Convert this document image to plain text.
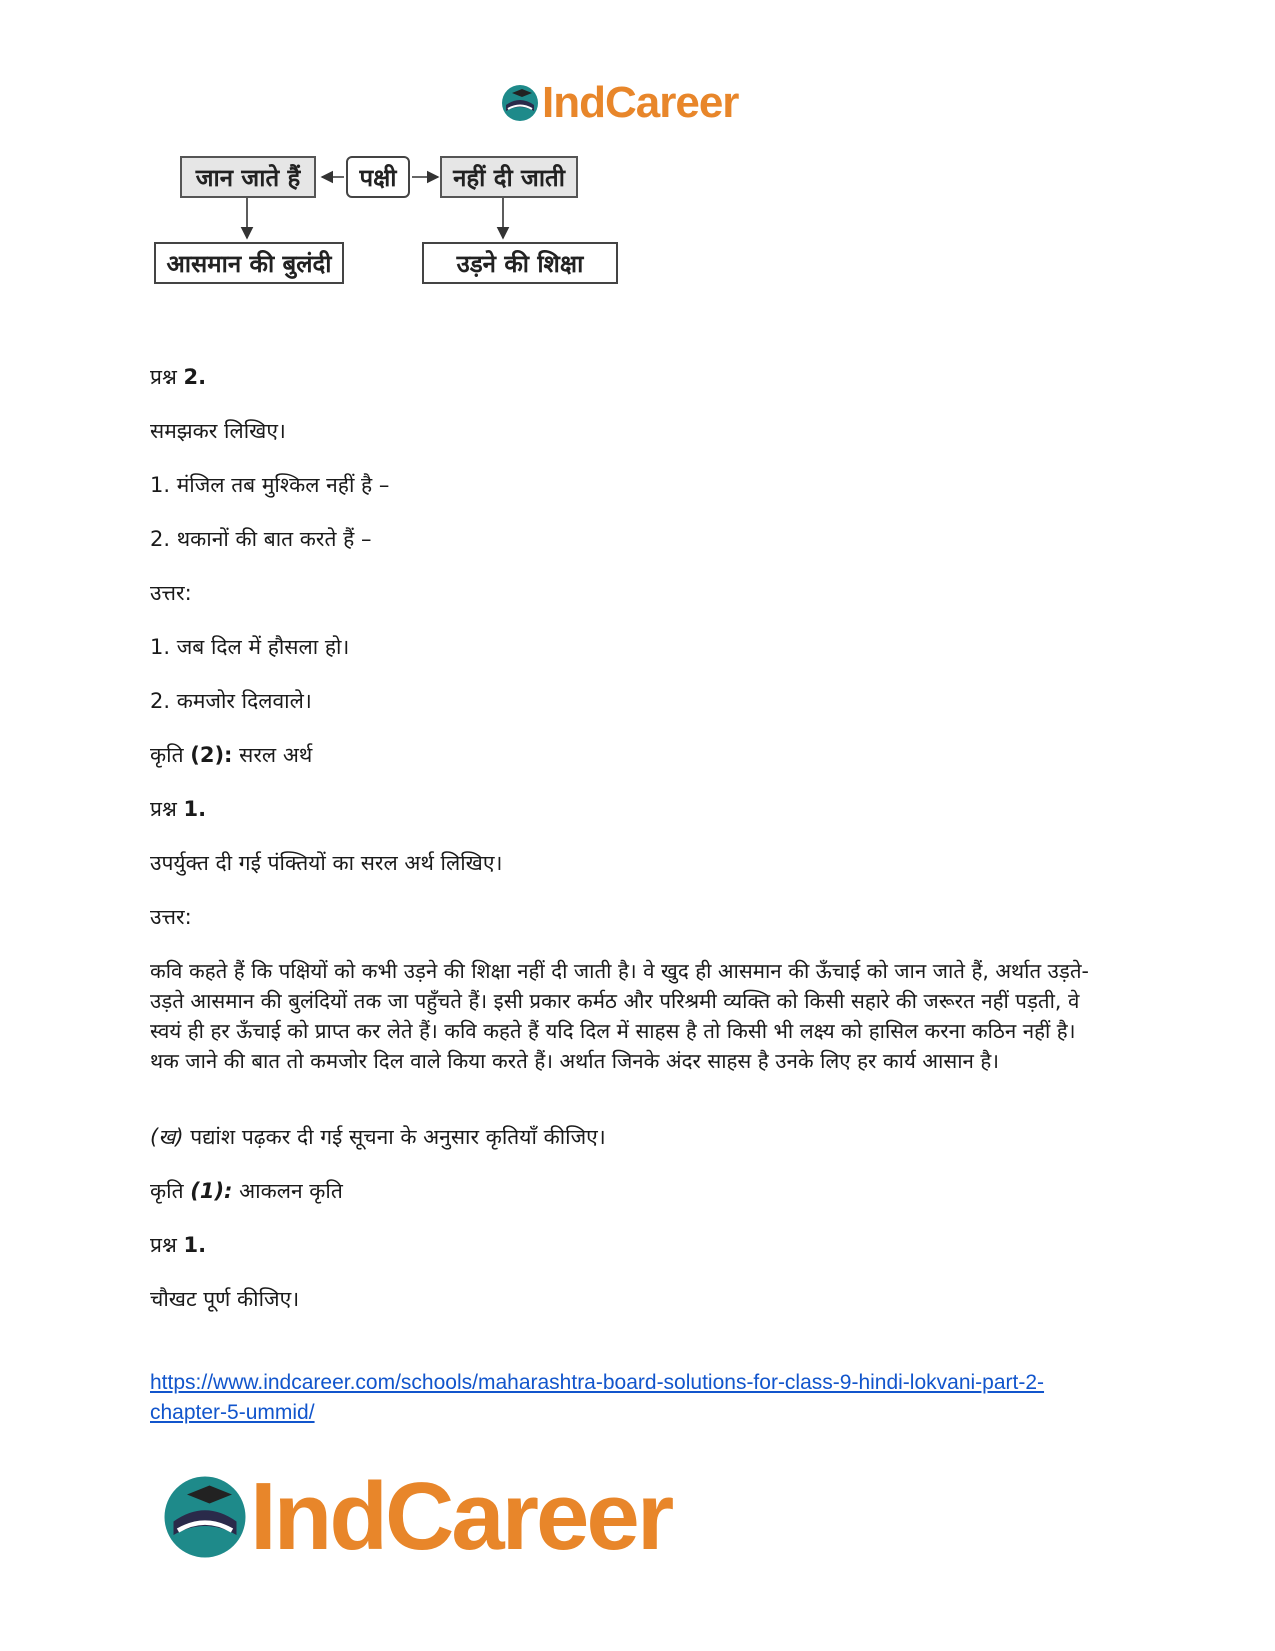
IndCareer
जान जाते हैं	पक्षी	नहीं दी जाती
आसमान की बुलंदी	उड़ने की शिक्षा
प्रश्न 2.
समझकर लिखिए।
1. मंजिल तब मुश्किल नहीं है –
2. थकानों की बात करते हैं –
उत्तर:
1. जब दिल में हौसला हो।
2. कमजोर दिलवाले।
कृति (2): सरल अर्थ
प्रश्न 1.
उपर्युक्त दी गई पंक्तियों का सरल अर्थ लिखिए।
उत्तर:
कवि कहते हैं कि पक्षियों को कभी उड़ने की शिक्षा नहीं दी जाती है। वे खुद ही आसमान की ऊँचाई को जान जाते हैं, अर्थात उड़ते-उड़ते आसमान की बुलंदियों तक जा पहुँचते हैं। इसी प्रकार कर्मठ और परिश्रमी व्यक्ति को किसी सहारे की जरूरत नहीं पड़ती, वे स्वयं ही हर ऊँचाई को प्राप्त कर लेते हैं। कवि कहते हैं यदि दिल में साहस है तो किसी भी लक्ष्य को हासिल करना कठिन नहीं है। थक जाने की बात तो कमजोर दिल वाले किया करते हैं। अर्थात जिनके अंदर साहस है उनके लिए हर कार्य आसान है।
(ख) पद्यांश पढ़कर दी गई सूचना के अनुसार कृतियाँ कीजिए।
कृति (1): आकलन कृति
प्रश्न 1.
चौखट पूर्ण कीजिए।
https://www.indcareer.com/schools/maharashtra-board-solutions-for-class-9-hindi-lokvani-part-2-chapter-5-ummid/
IndCareer
